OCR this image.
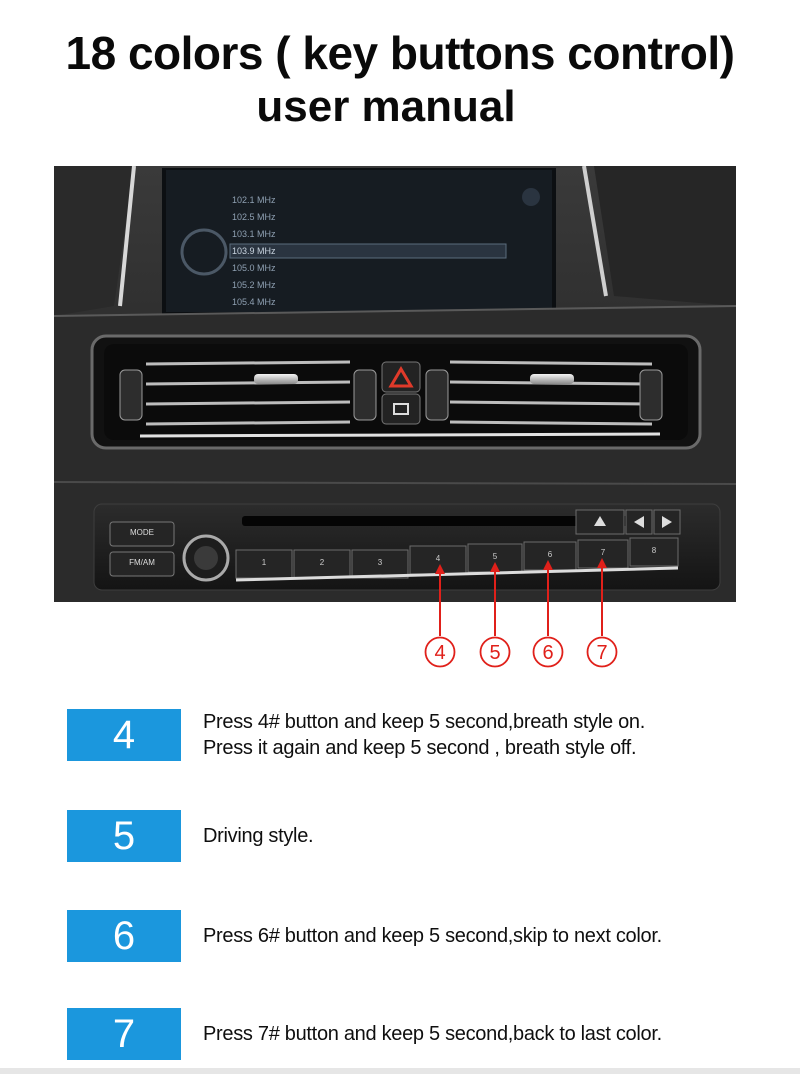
18 colors ( key buttons control)
user manual
102.1 MHz
102.5 MHz
103.1 MHz
103.9 MHz
105.0 MHz
105.2 MHz
105.4 MHz
MODE
FM/AM	1	2	3	4	5	6	7	8
4 5 6 7
4	Press 4# button and keep 5 second,breath style on.
Press it again and keep 5 second , breath style off.
5	Driving style.
6	Press 6# button and keep 5 second,skip to next color.
7	Press 7# button and keep 5 second,back to last color.
